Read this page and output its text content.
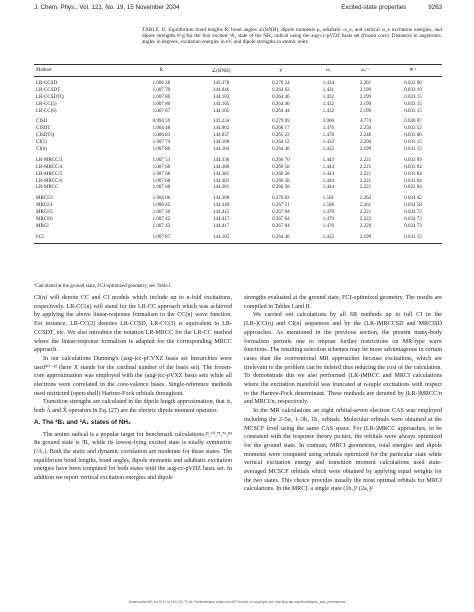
J. Chem. Phys., Vol. 121, No. 19, 15 November 2004	Excited-state properties	9263
TABLE II. Equilibrium bond lengths R, bond angles ∠(HNH), dipole moments μ, adiabatic ω_e, and vertical ω_e excitation energies, and dipole strengths θ^g for the first excited ²A₁ state of the NH₂ radical using the aug-cc-pVDZ basis set (frozen core). Distances in angstroms, angles in degrees, excitation energies in eV, and dipole strengths in atomic units.
Method	R	∠(HNH)	μ	ωₑ	ωₑᵛ ᵃ	θᵍ ᵃ
LR-CCSD	1.006 28	143.370	0.270 24	1.434	2.201	0.033 96
LR-CCSDT	1.007 70	144.046	0.264 62	1.431	2.199	0.033 19
LR-CCSDTQ	1.007 86	144.103	0.264 46	1.432	2.199	0.033 15
LR-CC(5)	1.007 86	144.105	0.264 46	1.432	2.199	0.033 15
LR-CC(6)	1.007 87	144.105	0.264 44	1.432	2.199	0.033 15
CISD	0.994 59	143.234	0.279 69	3.966	4.774	0.030 07
CISDT	1.004 48	144.002	0.268 17	1.476	2.256	0.033 52
CISDTQ	1.006 83	144.037	0.265 23	1.478	2.248	0.033 00
CI(5)	1.007 79	144.100	0.264 52	1.432	2.200	0.033 15
CI(6)	1.007 86	144.104	0.264 46	1.432	2.199	0.033 15
LR-MRCC/3	1.007 53	144.330	0.266 70	1.443	2.221	0.033 09
LR-MRCC/4	1.007 68	144.380	0.266 58	1.444	2.221	0.033 04
LR-MRCC/5	1.007 68	144.381	0.266 58	1.444	2.221	0.033 04
LR-MRCC/6	1.007 68	144.381	0.266 58	1.444	2.221	0.033 04
LR-MRCC	1.007 68	144.381	0.266 58	1.444	2.221	0.033 04
MRCI/3	1.004 06	144.300	0.270 03	1.501	2.262	0.034 42
MRCI/4	1.006 45	144.349	0.267 51	1.508	2.261	0.034 58
MRCI/5	1.007 36	144.415	0.267 04	1.470	2.221	0.034 72
MRCI/6	1.007 42	144.417	0.267 04	1.470	2.222	0.034 73
MRCI	1.007 42	144.417	0.267 04	1.470	2.220	0.034 73
FCI	1.007 87	144.105	0.264 46	1.432	2.199	0.033 15
ᵃCalculated at the ground state, FCI-optimized geometry, see Table I.

CI(n) will denote CC and CI models which include up to n-fold excitations, respectively. LR-CC(n) will stand for the LR-CC approach which was achieved by applying the above linear-response formalism to the CC(n) wave function. For instance, LR-CC(2) denotes LR-CCSD, LR-CC(3) is equivalent to LR-CCSDT, etc. We also introduce the notation LR-MRCC for the LR-CC method where the linear-response formalism is adapted for the corresponding MRCC approach.

In our calculations Dunning's (aug-)cc-pCVXZ basis set hierarchies were used⁴⁰⁻⁴² (here X stands for the cardinal number of the basis set). The frozen-core approximation was employed with the (aug-)cc-pVXZ basis sets while all electrons were correlated in the core-valence bases. Single-reference methods used restricted (open-shell) Hartree-Fock orbitals throughout.

Transition strengths are calculated in the dipole length approximation, that is, both Â and X̂ operators in Eq. (27) are the electric dipole moment operator.

A. The ²B₁ and ²A₁ states of NH₂

The amino radical is a popular target for benchmark calculations.²⁶,⁶⁰,⁷¹,⁷⁶,⁸³ Its ground state is ²B₁ while its lowest-lying excited state is totally symmetric (²A₁). Both the static and dynamic correlation are moderate for these states. The equilibrium bond lengths, bond angles, dipole moments and adiabatic excitation energies have been computed for both states with the aug-cc-pVDZ basis set. In addition we report vertical excitation energies and dipole

strengths evaluated at the ground state, FCI-optimized geometry. The results are compiled in Tables I and II.

We carried out calculations by all SR methods up to full CI in the (LR-)CC(n) and CI(n) sequences and by the (LR-)MRCCSD and MRCISD approaches. As mentioned in the previous section, the present many-body formalism permits one to impose further restrictions on MR-type wave functions. The resulting selection schemes may be more advantageous in certain cases than the conventional MR approaches because excitations, which are irrelevant to the problem can be deleted thus reducing the cost of the calculation. To demonstrate this we also performed (LR-)MRCC and MRCI calculations where the excitation manifold was truncated at n-tuple excitations with respect to the Hartree-Fock determinant. These methods are denoted by (LR-)MRCC/n and MRCI/n, respectively.

In the MR calculations an eight orbital-seven electron CAS was employed including the 2–5a₁ 1–3b₂ 1b₁ orbitals. Molecular orbitals were obtained at the MCSCF level using the same CAS space. For (LR-)MRCC approaches, to be consistent with the response theory picture, the orbitals were always optimized for the ground state. In contrast, MRCI geometries, total energies and dipole moments were computed using orbitals optimized for the particular state while vertical excitation energy and transition moment calculations used state-averaged MCSCF orbitals which were obtained by applying equal weights for the two states. This choice provides usually the most optimal orbitals for MRCI calculations. In the MRCI, a single state (1b₁)¹ (2a₁)²

Downloaded 80 Jul 2012 to 140.123.79.46. Redistribution subject to AIP license or copyright; see http://jcp.aip.org/about/rights_and_permissions
